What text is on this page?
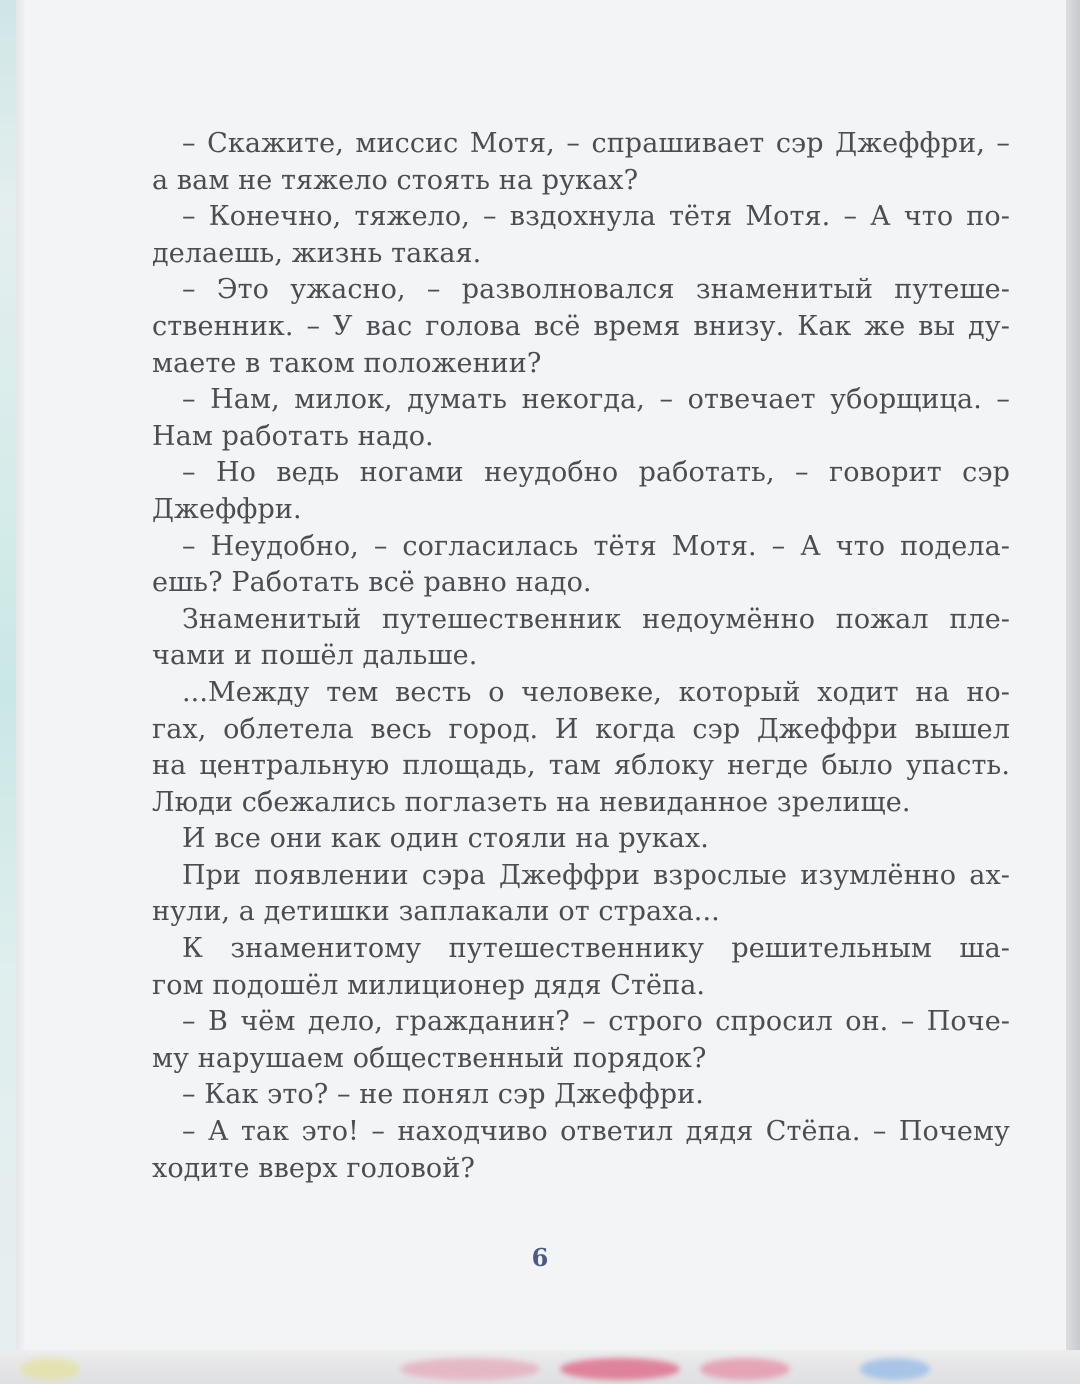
– Скажите, миссис Мотя, – спрашивает сэр Джеффри, –
а вам не тяжело стоять на руках?
– Конечно, тяжело, – вздохнула тётя Мотя. – А что по-
делаешь, жизнь такая.
– Это ужасно, – разволновался знаменитый путеше-
ственник. – У вас голова всё время внизу. Как же вы ду-
маете в таком положении?
– Нам, милок, думать некогда, – отвечает уборщица. –
Нам работать надо.
– Но ведь ногами неудобно работать, – говорит сэр
Джеффри.
– Неудобно, – согласилась тётя Мотя. – А что подела-
ешь? Работать всё равно надо.
Знаменитый путешественник недоумённо пожал пле-
чами и пошёл дальше.
...Между тем весть о человеке, который ходит на но-
гах, облетела весь город. И когда сэр Джеффри вышел
на центральную площадь, там яблоку негде было упасть.
Люди сбежались поглазеть на невиданное зрелище.
И все они как один стояли на руках.
При появлении сэра Джеффри взрослые изумлённо ах-
нули, а детишки заплакали от страха...
К знаменитому путешественнику решительным ша-
гом подошёл милиционер дядя Стёпа.
– В чём дело, гражданин? – строго спросил он. – Почe-
му нарушаем общественный порядок?
– Как это? – не понял сэр Джеффри.
– А так это! – находчиво ответил дядя Стёпа. – Почему
ходите вверх головой?
6
